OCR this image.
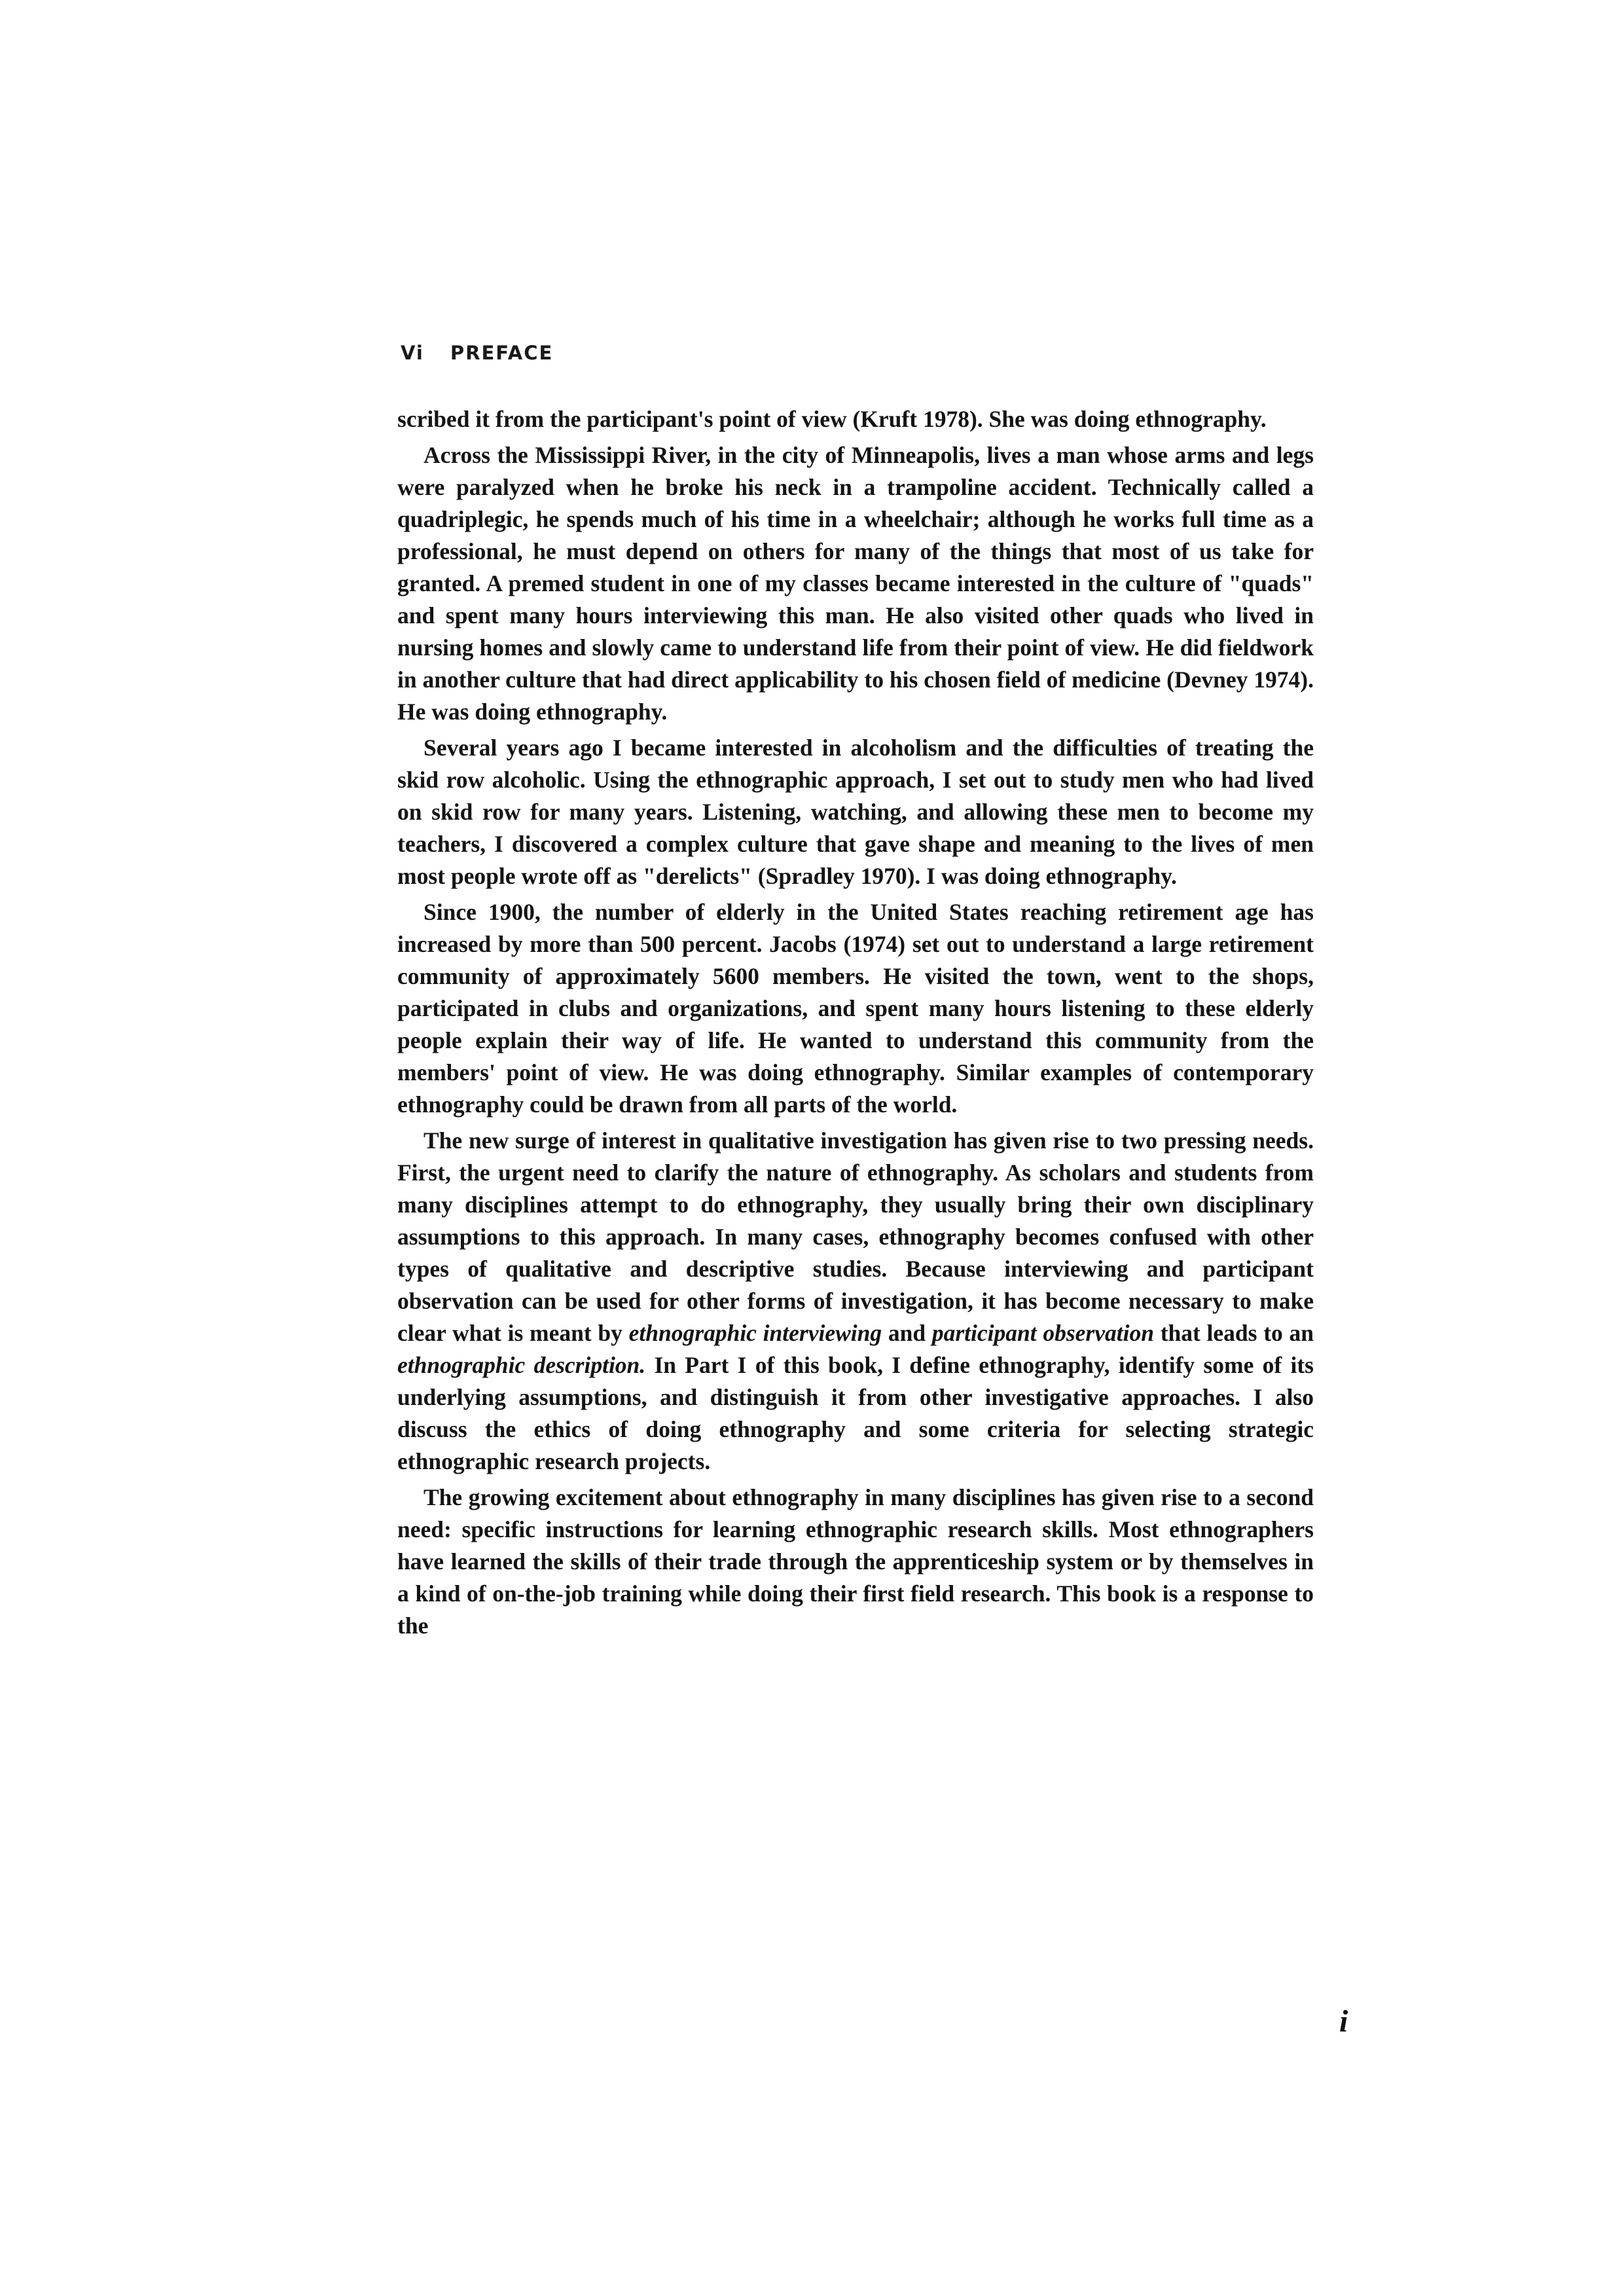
Vi PREFACE

scribed it from the participant's point of view (Kruft 1978). She was doing ethnography.

Across the Mississippi River, in the city of Minneapolis, lives a man whose arms and legs were paralyzed when he broke his neck in a trampoline accident. Technically called a quadriplegic, he spends much of his time in a wheelchair; although he works full time as a professional, he must depend on others for many of the things that most of us take for granted. A premed student in one of my classes became interested in the culture of "quads" and spent many hours interviewing this man. He also visited other quads who lived in nursing homes and slowly came to understand life from their point of view. He did fieldwork in another culture that had direct applicability to his chosen field of medicine (Devney 1974). He was doing ethnography.

Several years ago I became interested in alcoholism and the difficulties of treating the skid row alcoholic. Using the ethnographic approach, I set out to study men who had lived on skid row for many years. Listening, watching, and allowing these men to become my teachers, I discovered a complex culture that gave shape and meaning to the lives of men most people wrote off as "derelicts" (Spradley 1970). I was doing ethnography.

Since 1900, the number of elderly in the United States reaching retirement age has increased by more than 500 percent. Jacobs (1974) set out to understand a large retirement community of approximately 5600 members. He visited the town, went to the shops, participated in clubs and organizations, and spent many hours listening to these elderly people explain their way of life. He wanted to understand this community from the members' point of view. He was doing ethnography. Similar examples of contemporary ethnography could be drawn from all parts of the world.

The new surge of interest in qualitative investigation has given rise to two pressing needs. First, the urgent need to clarify the nature of ethnography. As scholars and students from many disciplines attempt to do ethnography, they usually bring their own disciplinary assumptions to this approach. In many cases, ethnography becomes confused with other types of qualitative and descriptive studies. Because interviewing and participant observation can be used for other forms of investigation, it has become necessary to make clear what is meant by ethnographic interviewing and participant observation that leads to an ethnographic description. In Part I of this book, I define ethnography, identify some of its underlying assumptions, and distinguish it from other investigative approaches. I also discuss the ethics of doing ethnography and some criteria for selecting strategic ethnographic research projects.

The growing excitement about ethnography in many disciplines has given rise to a second need: specific instructions for learning ethnographic research skills. Most ethnographers have learned the skills of their trade through the apprenticeship system or by themselves in a kind of on-the-job training while doing their first field research. This book is a response to the

i
